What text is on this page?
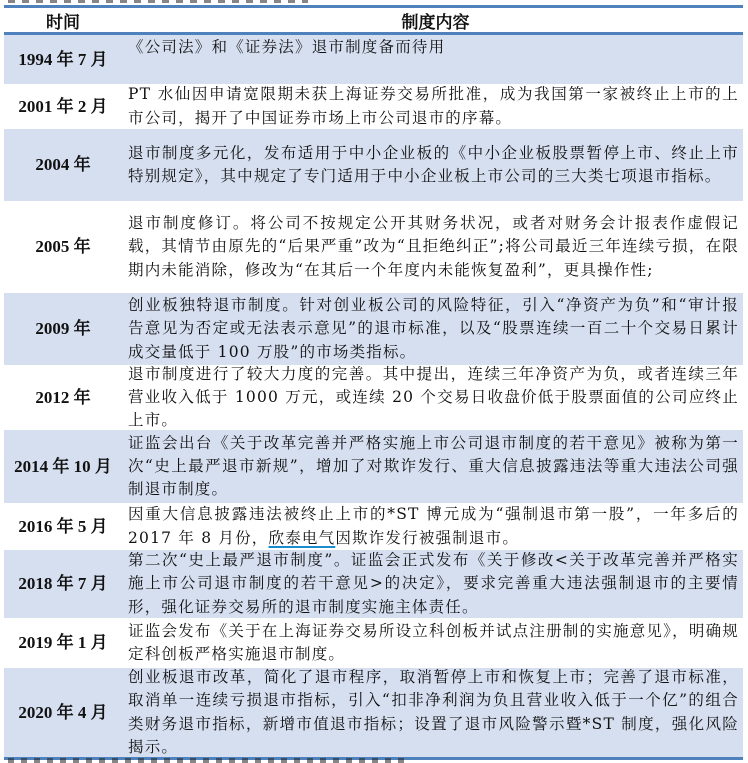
时间	制度内容
1994 年 7 月
《公司法》和《证券法》退市制度备而待用
2001 年 2 月
PT 水仙因申请宽限期未获上海证券交易所批准，成为我国第一家被终止上市的上市公司，揭开了中国证券市场上市公司退市的序幕。
2004 年
退市制度多元化，发布适用于中小企业板的《中小企业板股票暂停上市、终止上市特别规定》，其中规定了专门适用于中小企业板上市公司的三大类七项退市指标。
2005 年
退市制度修订。将公司不按规定公开其财务状况，或者对财务会计报表作虚假记载，其情节由原先的“后果严重”改为“且拒绝纠正”;将公司最近三年连续亏损，在限期内未能消除，修改为“在其后一个年度内未能恢复盈利”，更具操作性;
2009 年
创业板独特退市制度。针对创业板公司的风险特征，引入“净资产为负”和“审计报告意见为否定或无法表示意见”的退市标准，以及“股票连续一百二十个交易日累计成交量低于 100 万股”的市场类指标。
2012 年
退市制度进行了较大力度的完善。其中提出，连续三年净资产为负，或者连续三年营业收入低于 1000 万元，或连续 20 个交易日收盘价低于股票面值的公司应终止上市。
2014 年 10 月
证监会出台《关于改革完善并严格实施上市公司退市制度的若干意见》被称为第一次“史上最严退市新规”，增加了对欺诈发行、重大信息披露违法等重大违法公司强制退市制度。
2016 年 5 月
因重大信息披露违法被终止上市的*ST 博元成为“强制退市第一股”，一年多后的 2017 年 8 月份，欣泰电气因欺诈发行被强制退市。
2018 年 7 月
第二次“史上最严退市制度”。证监会正式发布《关于修改<关于改革完善并严格实施上市公司退市制度的若干意见>的决定》，要求完善重大违法强制退市的主要情形，强化证券交易所的退市制度实施主体责任。
2019 年 1 月
证监会发布《关于在上海证券交易所设立科创板并试点注册制的实施意见》，明确规定科创板严格实施退市制度。
2020 年 4 月
创业板退市改革，简化了退市程序，取消暂停上市和恢复上市；完善了退市标准，取消单一连续亏损退市指标，引入“扣非净利润为负且营业收入低于一个亿”的组合类财务退市指标，新增市值退市指标；设置了退市风险警示暨*ST 制度，强化风险揭示。
